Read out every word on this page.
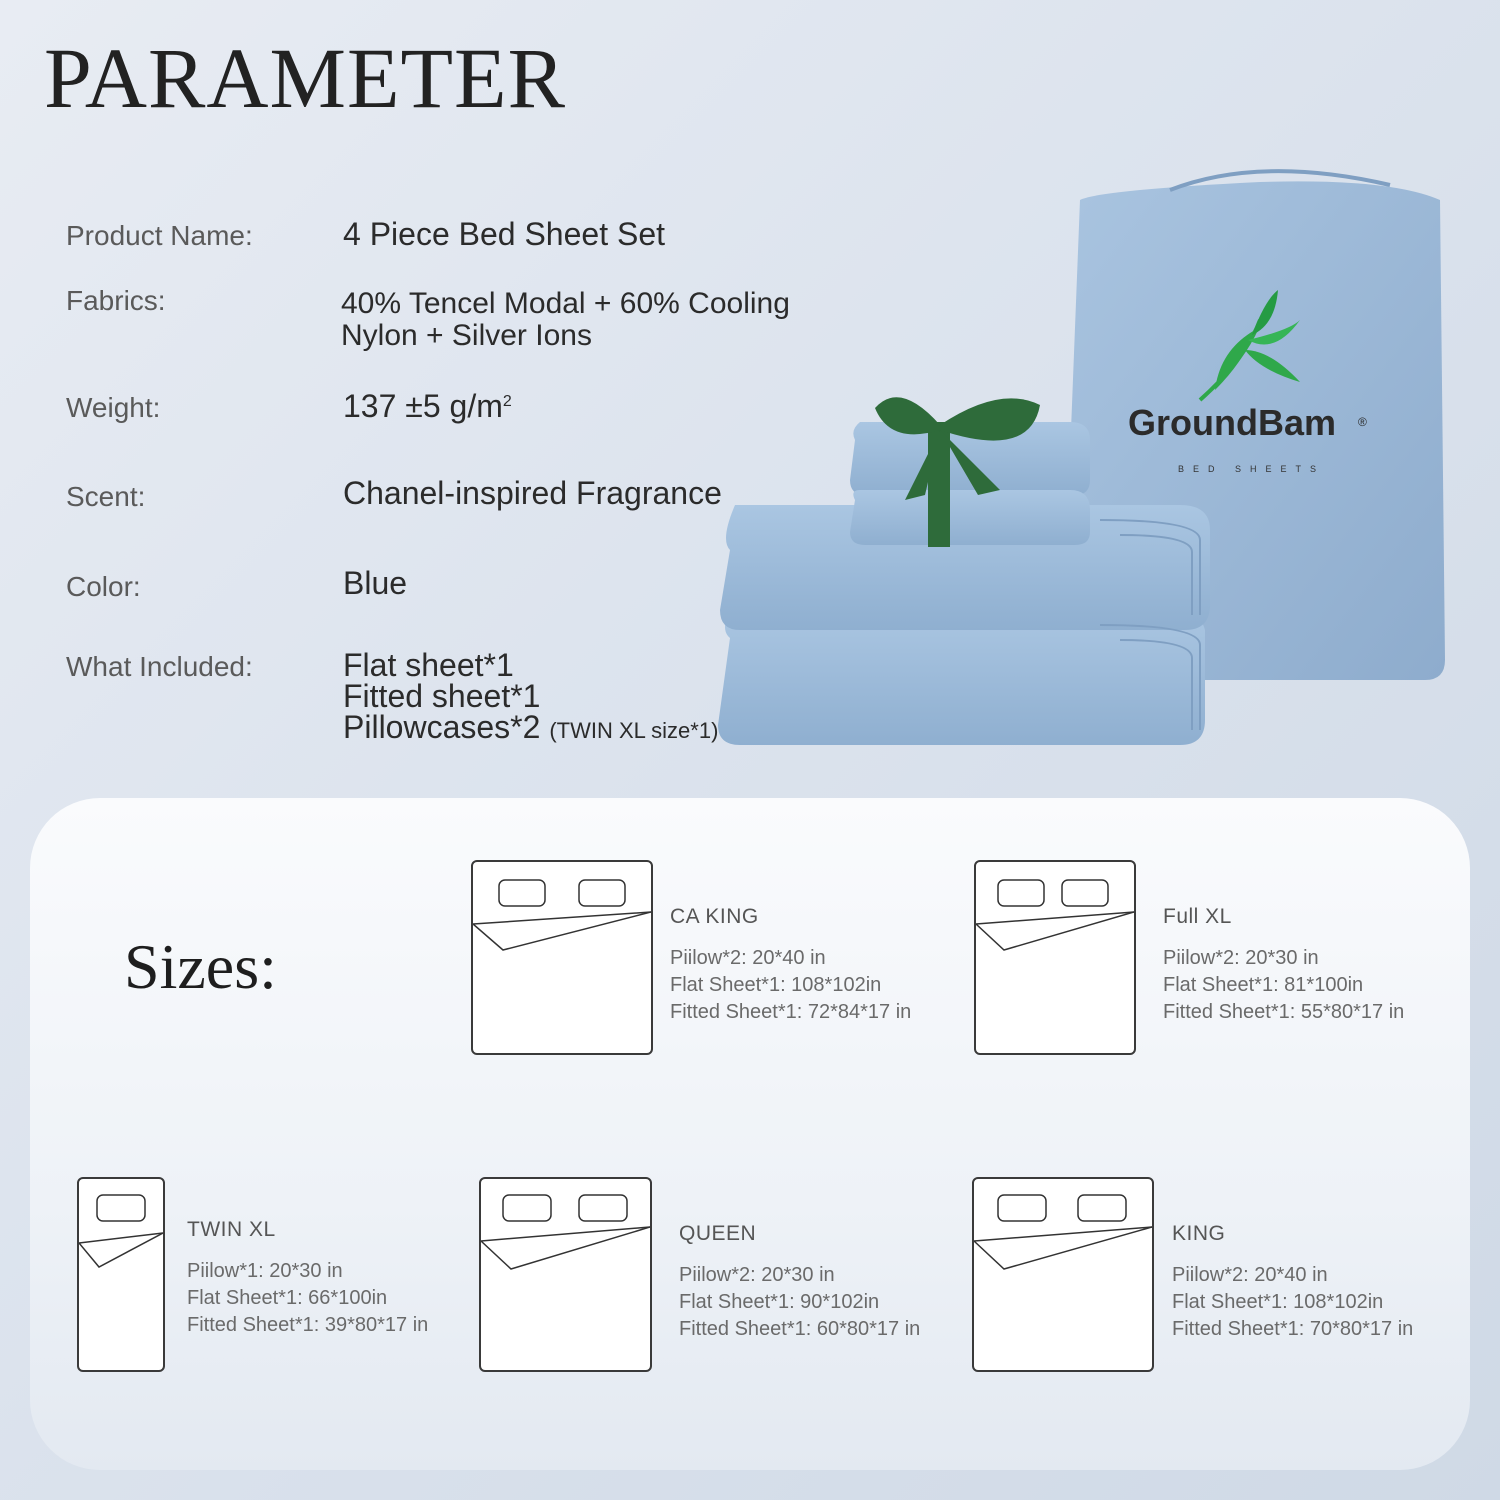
PARAMETER
Product Name:	4 Piece Bed Sheet Set
Fabrics:	40% Tencel Modal + 60% Cooling
Nylon + Silver Ions
Weight:	137 ±5 $g/m^2$
Scent:	Chanel-inspired Fragrance
Color:	Blue
What Included:	Flat sheet*1
Fitted sheet*1
Pillowcases*2 (TWIN XL size*1)
GroundBam ®
BED SHEETS
Sizes:
CA KING
Piilow*2: 20*40 in
Flat Sheet*1: 108*102in
Fitted Sheet*1: 72*84*17 in
Full XL
Piilow*2: 20*30 in
Flat Sheet*1: 81*100in
Fitted Sheet*1: 55*80*17 in
TWIN XL
Piilow*1: 20*30 in
Flat Sheet*1: 66*100in
Fitted Sheet*1: 39*80*17 in
QUEEN
Piilow*2: 20*30 in
Flat Sheet*1: 90*102in
Fitted Sheet*1: 60*80*17 in
KING
Piilow*2: 20*40 in
Flat Sheet*1: 108*102in
Fitted Sheet*1: 70*80*17 in
